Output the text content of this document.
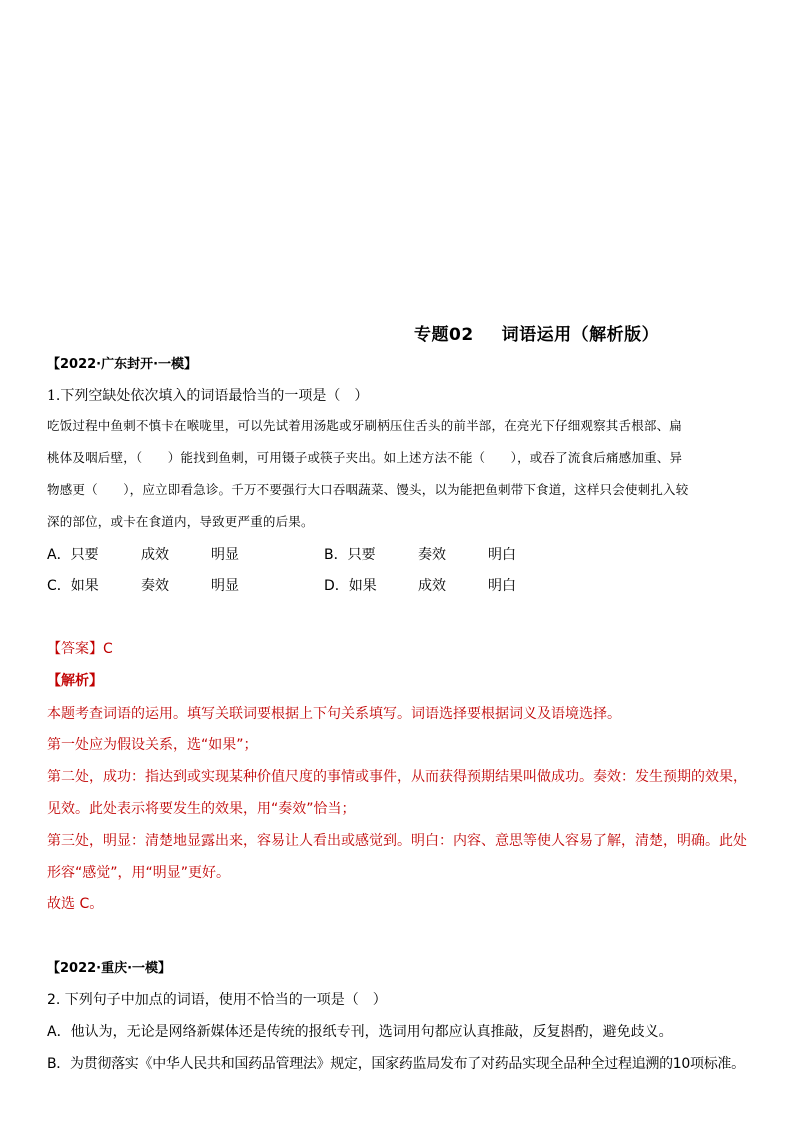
专题02 词语运用（解析版）
【2022·广东封开·一模】
1.下列空缺处依次填入的词语最恰当的一项是（　）
吃饭过程中鱼刺不慎卡在喉咙里，可以先试着用汤匙或牙刷柄压住舌头的前半部，在亮光下仔细观察其舌根部、扁
桃体及咽后壁，（　　）能找到鱼刺，可用镊子或筷子夹出。如上述方法不能（　　），或吞了流食后痛感加重、异
物感更（　　），应立即看急诊。千万不要强行大口吞咽蔬菜、馒头，以为能把鱼刺带下食道，这样只会使刺扎入较
深的部位，或卡在食道内，导致更严重的后果。
A．只要	成效	明显	B．只要	奏效	明白
C．如果	奏效	明显	D．如果	成效	明白
【答案】C
【解析】
本题考查词语的运用。填写关联词要根据上下句关系填写。词语选择要根据词义及语境选择。
第一处应为假设关系，选“如果”；
第二处，成功：指达到或实现某种价值尺度的事情或事件，从而获得预期结果叫做成功。奏效：发生预期的效果，
见效。此处表示将要发生的效果，用“奏效”恰当；
第三处，明显：清楚地显露出来，容易让人看出或感觉到。明白：内容、意思等使人容易了解，清楚，明确。此处
形容“感觉”，用“明显”更好。
故选 C。
【2022·重庆·一模】
2. 下列句子中加点的词语，使用不恰当的一项是（　）
A．他认为，无论是网络新媒体还是传统的报纸专刊，选词用句都应认真推敲，反复斟酌，避免歧义。
B．为贯彻落实《中华人民共和国药品管理法》规定，国家药监局发布了对药品实现全品种全过程追溯的10项标准。
